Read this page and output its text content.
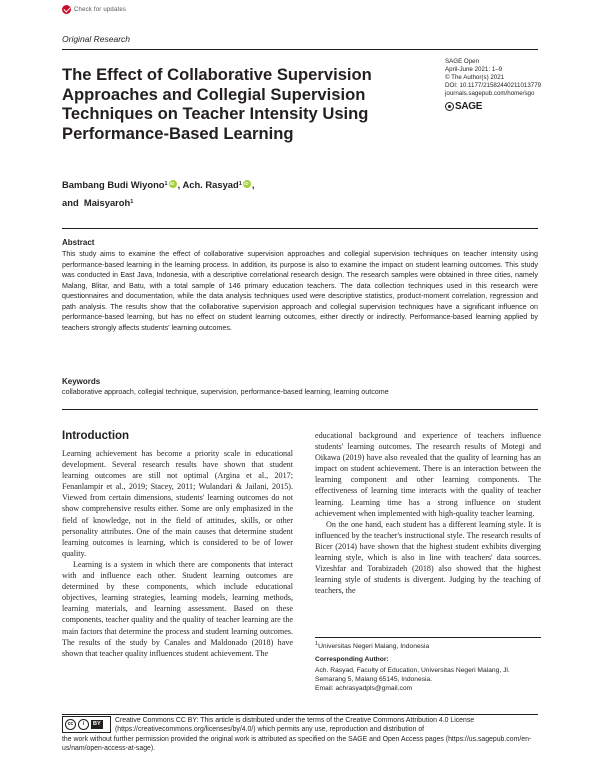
Check for updates
Original Research
The Effect of Collaborative Supervision Approaches and Collegial Supervision Techniques on Teacher Intensity Using Performance-Based Learning
SAGE Open
April-June 2021: 1–9
© The Author(s) 2021
DOI: 10.1177/21582440211013779
journals.sagepub.com/home/sgo
SAGE
Bambang Budi Wiyono$^1$ iD , Ach. Rasyad$^1$ iD ,
and Maisyaroh$^1$
Abstract

This study aims to examine the effect of collaborative supervision approaches and collegial supervision techniques on teacher intensity using performance-based learning in the learning process. In addition, its purpose is also to examine the impact on student learning outcomes. This study was conducted in East Java, Indonesia, with a descriptive correlational research design. The research samples were obtained in three cities, namely Malang, Blitar, and Batu, with a total sample of 146 primary education teachers. The data collection techniques used in this research were questionnaires and documentation, while the data analysis techniques used were descriptive statistics, product-moment correlation, regression and path analysis. The results show that the collaborative supervision approach and collegial supervision techniques have a significant influence on performance-based learning, but has no effect on student learning outcomes, either directly or indirectly. Performance-based learning applied by teachers strongly affects students' learning outcomes.

Keywords
collaborative approach, collegial technique, supervision, performance-based learning, learning outcome
Introduction

Learning achievement has become a priority scale in educational development. Several research results have shown that student learning outcomes are still not optimal (Argina et al., 2017; Fenanlampir et al., 2019; Stacey, 2011; Wulandari & Jailani, 2015). Viewed from certain dimensions, students' learning outcomes do not show comprehensive results either. Some are only emphasized in the field of knowledge, not in the field of attitudes, skills, or other personality attributes. One of the main causes that determine student learning outcomes is learning, which is considered to be of lower quality.

Learning is a system in which there are components that interact with and influence each other. Student learning outcomes are determined by these components, which include educational objectives, learning strategies, learning models, learning methods, learning materials, and learning assessment. Based on these components, teacher quality and the quality of teacher learning are the main factors that determine the process and student learning outcomes. The results of the study by Canales and Maldonado (2018) have shown that teacher quality influences student achievement. The

educational background and experience of teachers influence students' learning outcomes. The research results of Motegi and Oikawa (2019) have also revealed that the quality of learning has an impact on student achievement. There is an interaction between the learning component and other learning components. The effectiveness of learning time interacts with the quality of teacher learning. Learning time has a strong influence on student achievement when implemented with high-quality teacher learning.

On the one hand, each student has a different learning style. It is influenced by the teacher's instructional style. The research results of Bicer (2014) have shown that the highest student exhibits diverging learning style, which is also in line with teachers' data sources. Vizeshfar and Torabizadeh (2018) also showed that the highest learning style of students is divergent. Judging by the teaching of teachers, the

$^1$Universitas Negeri Malang, Indonesia
Corresponding Author:
Ach. Rasyad, Faculty of Education, Universitas Negeri Malang, Jl. Semarang 5, Malang 65145, Indonesia.
Email: achrasyadpls@gmail.com
cc	i	BY Creative Commons CC BY: This article is distributed under the terms of the Creative Commons Attribution 4.0 License (https://creativecommons.org/licenses/by/4.0/) which permits any use, reproduction and distribution of
the work without further permission provided the original work is attributed as specified on the SAGE and Open Access pages (https://us.sagepub.com/en-us/nam/open-access-at-sage).
